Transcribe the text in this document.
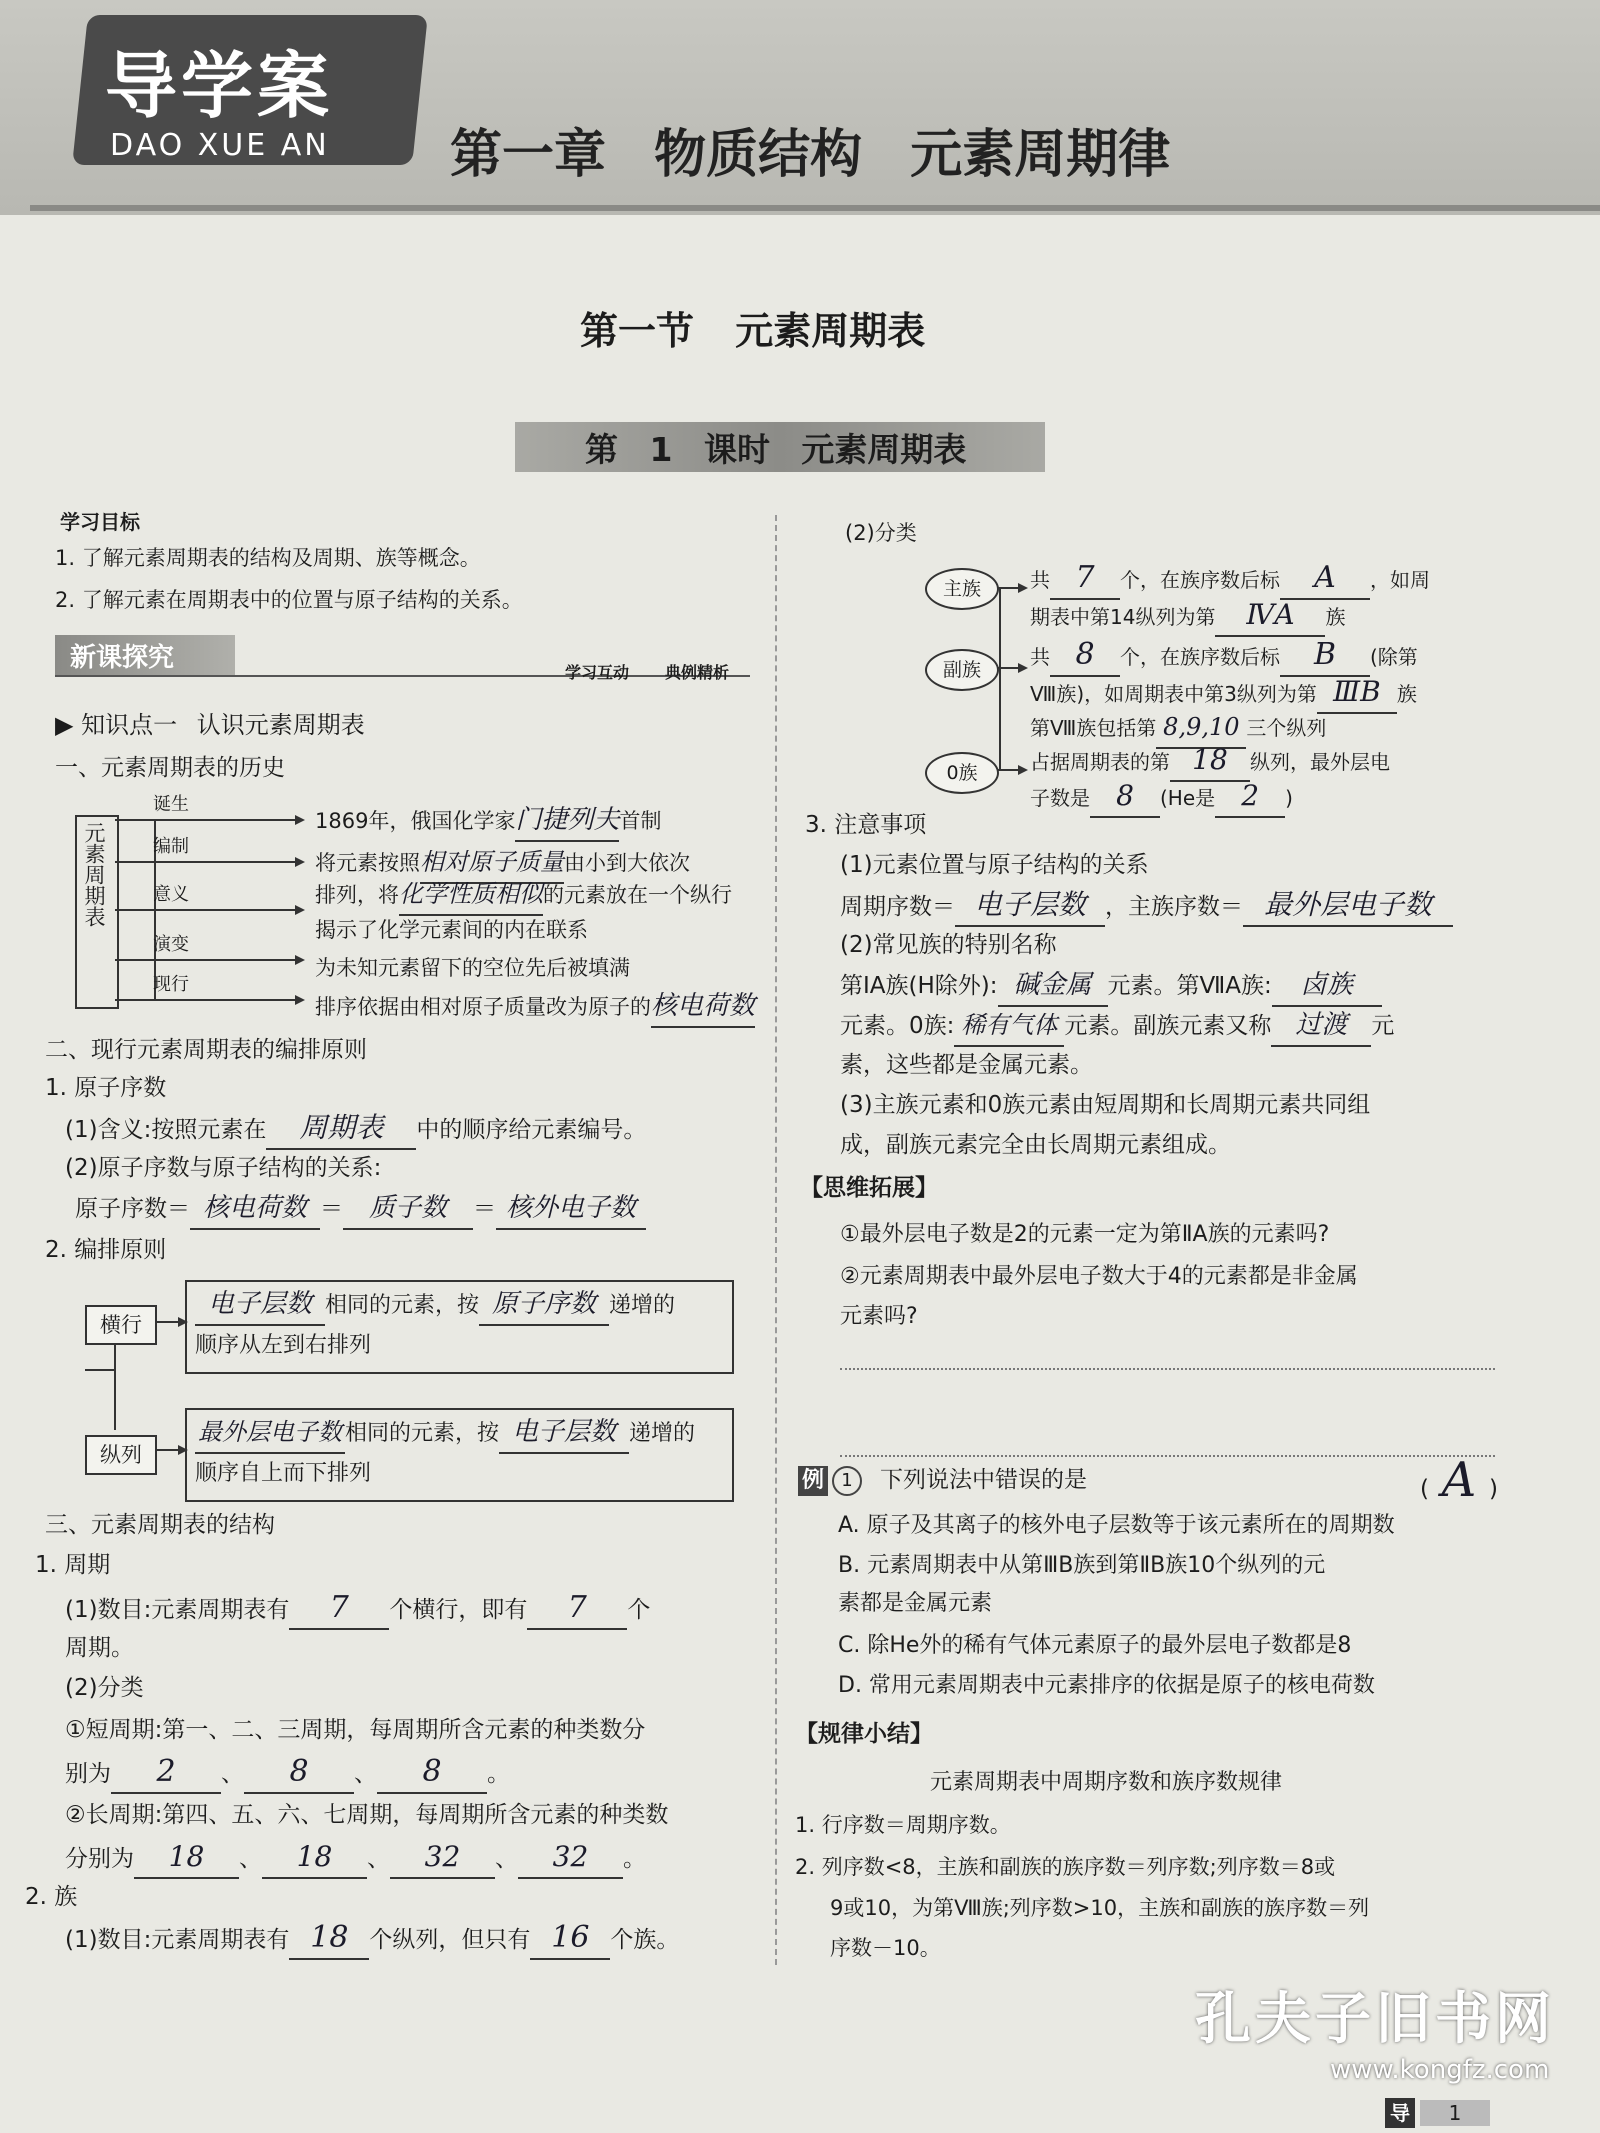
导学案
DAO XUE AN 第一章 物质结构 元素周期律
第一节 元素周期表
第 1 课时 元素周期表
学习目标
1. 了解元素周期表的结构及周期、族等概念。
2. 了解元素在周期表中的位置与原子结构的关系。
新课探究	学习互动 典例精析
▶ 知识点一 认识元素周期表
一、元素周期表的历史
元素周期表
诞生
编制
意义
演变
现行
1869年，俄国化学家门捷列夫首制
将元素按照相对原子质量由小到大依次
排列，将化学性质相似的元素放在一个纵行
揭示了化学元素间的内在联系
为未知元素留下的空位先后被填满
排序依据由相对原子质量改为原子的核电荷数
二、现行元素周期表的编排原则
1. 原子序数
(1)含义:按照元素在 周期表 中的顺序给元素编号。
(2)原子序数与原子结构的关系:
原子序数＝ 核电荷数 ＝ 质子数 ＝ 核外电子数
2. 编排原则
横行
纵列
电子层数 相同的元素，按 原子序数 递增的
顺序从左到右排列
最外层电子数 相同的元素，按 电子层数 递增的
顺序自上而下排列
三、元素周期表的结构
1. 周期
(1)数目:元素周期表有 7 个横行，即有 7 个
周期。
(2)分类
①短周期:第一、二、三周期，每周期所含元素的种类数分
别为 2 、 8 、 8 。
②长周期:第四、五、六、七周期，每周期所含元素的种类数
分别为 18 、 18 、 32 、 32 。
2. 族
(1)数目:元素周期表有 18 个纵列，但只有 16 个族。
(2)分类
主族
副族
0族
共 7 个，在族序数后标 A ，如周
期表中第14纵列为第 ⅣA 族
共 8 个，在族序数后标 B (除第
Ⅷ族)，如周期表中第3纵列为第 ⅢB 族
第Ⅷ族包括第 8,9,10 三个纵列
占据周期表的第 18 纵列，最外层电
子数是 8 (He是 2 )
3. 注意事项
(1)元素位置与原子结构的关系
周期序数＝ 电子层数 ，主族序数＝ 最外层电子数
(2)常见族的特别名称
第ⅠA族(H除外): 碱金属 元素。第ⅦA族: 卤族
元素。0族: 稀有气体 元素。副族元素又称 过渡 元
素，这些都是金属元素。
(3)主族元素和0族元素由短周期和长周期元素共同组
成，副族元素完全由长周期元素组成。
【思维拓展】
①最外层电子数是2的元素一定为第ⅡA族的元素吗?
②元素周期表中最外层电子数大于4的元素都是非金属
元素吗?
例 1	下列说法中错误的是	( A )
A. 原子及其离子的核外电子层数等于该元素所在的周期数
B. 元素周期表中从第ⅢB族到第ⅡB族10个纵列的元
素都是金属元素
C. 除He外的稀有气体元素原子的最外层电子数都是8
D. 常用元素周期表中元素排序的依据是原子的核电荷数
【规律小结】
元素周期表中周期序数和族序数规律
1. 行序数＝周期序数。
2. 列序数<8，主族和副族的族序数＝列序数;列序数＝8或
9或10，为第Ⅷ族;列序数>10，主族和副族的族序数＝列
序数－10。
孔夫子旧书网
www.kongfz.com
导	1
